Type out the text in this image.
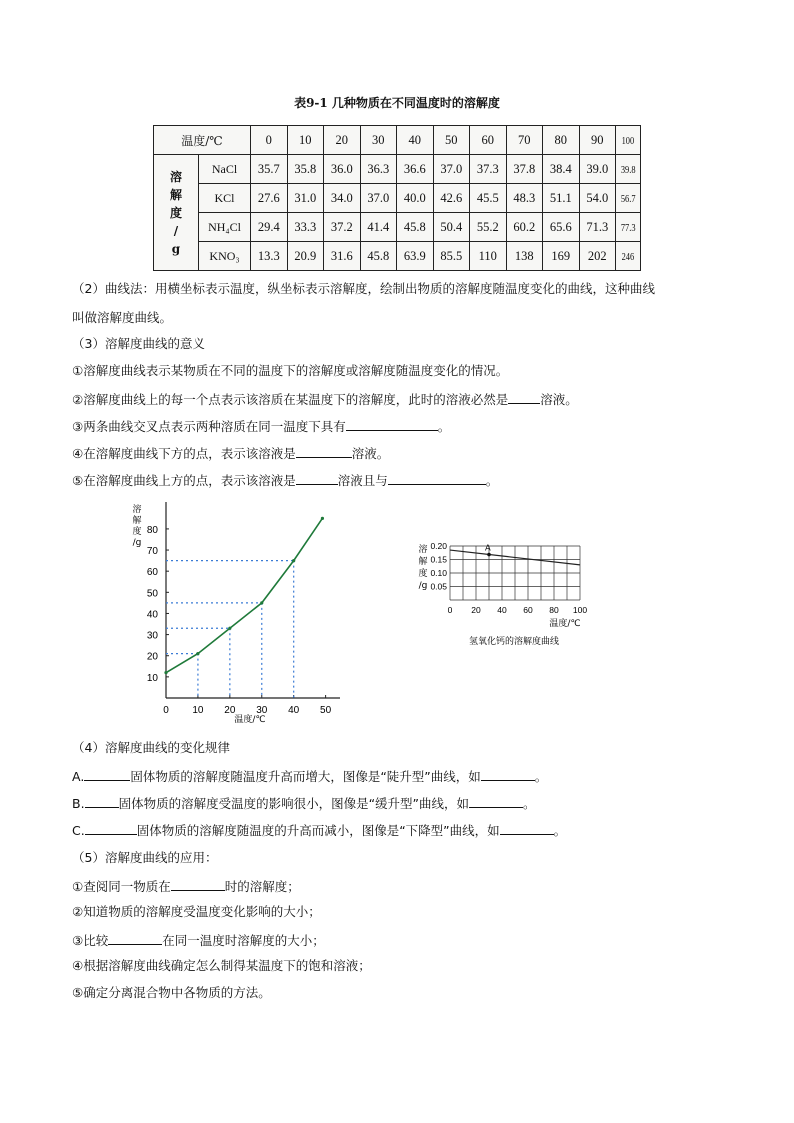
表9-1 几种物质在不同温度时的溶解度
温度/℃		0	10	20	30	40	50	60	70	80	90	100
溶
解
度
/
g	NaCl	35.7	35.8	36.0	36.3	36.6	37.0	37.3	37.8	38.4	39.0	39.8
	KCl	27.6	31.0	34.0	37.0	40.0	42.6	45.5	48.3	51.1	54.0	56.7
	NH₄Cl	29.4	33.3	37.2	41.4	45.8	50.4	55.2	60.2	65.6	71.3	77.3
	KNO₃	13.3	20.9	31.6	45.8	63.9	85.5	110	138	169	202	246
（2）曲线法：用横坐标表示温度，纵坐标表示溶解度，绘制出物质的溶解度随温度变化的曲线，这种曲线
叫做溶解度曲线。
（3）溶解度曲线的意义
①溶解度曲线表示某物质在不同的温度下的溶解度或溶解度随温度变化的情况。
②溶解度曲线上的每一个点表示该溶质在某温度下的溶解度，此时的溶液必然是	溶液。
③两条曲线交叉点表示两种溶质在同一温度下具有	。
④在溶解度曲线下方的点，表示该溶液是	溶液。
⑤在溶解度曲线上方的点，表示该溶液是	溶液且与	。
10
20
30
40
50
60
70
80
0 10 20 30 40 50
溶
解
度
/g
温度/℃
0.05
0.10
0.15
0.20
0 20 40 60 80 100
溶
解
度
/g
温度/℃
氢氧化钙的溶解度曲线
A
（4）溶解度曲线的变化规律
A.	固体物质的溶解度随温度升高而增大，图像是“陡升型”曲线，如	。
B.	固体物质的溶解度受温度的影响很小，图像是“缓升型”曲线，如	。
C.	固体物质的溶解度随温度的升高而减小，图像是“下降型”曲线，如	。
（5）溶解度曲线的应用：
①查阅同一物质在	时的溶解度；
②知道物质的溶解度受温度变化影响的大小；
③比较	在同一温度时溶解度的大小；
④根据溶解度曲线确定怎么制得某温度下的饱和溶液；
⑤确定分离混合物中各物质的方法。
